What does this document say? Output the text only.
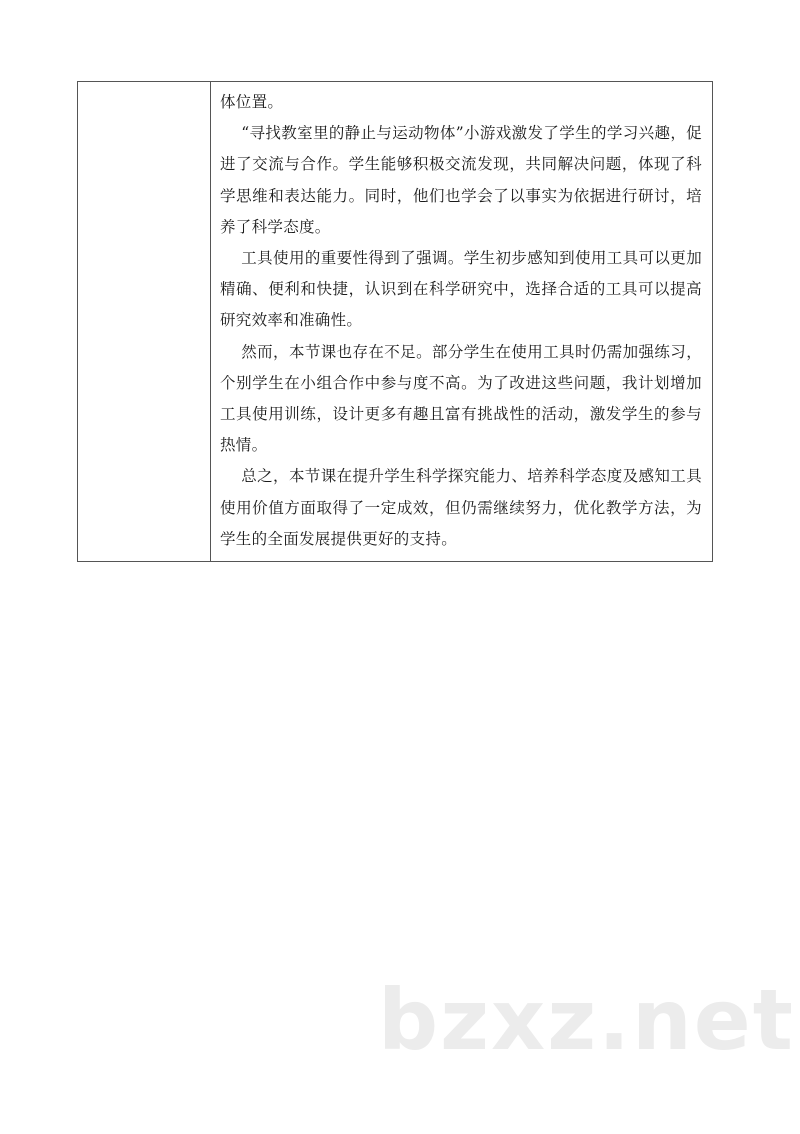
体位置。

“寻找教室里的静止与运动物体”小游戏激发了学生的学习兴趣，促进了交流与合作。学生能够积极交流发现，共同解决问题，体现了科学思维和表达能力。同时，他们也学会了以事实为依据进行研讨，培养了科学态度。

工具使用的重要性得到了强调。学生初步感知到使用工具可以更加精确、便利和快捷，认识到在科学研究中，选择合适的工具可以提高研究效率和准确性。

然而，本节课也存在不足。部分学生在使用工具时仍需加强练习，个别学生在小组合作中参与度不高。为了改进这些问题，我计划增加工具使用训练，设计更多有趣且富有挑战性的活动，激发学生的参与热情。

总之，本节课在提升学生科学探究能力、培养科学态度及感知工具使用价值方面取得了一定成效，但仍需继续努力，优化教学方法，为学生的全面发展提供更好的支持。

bzxz.net
